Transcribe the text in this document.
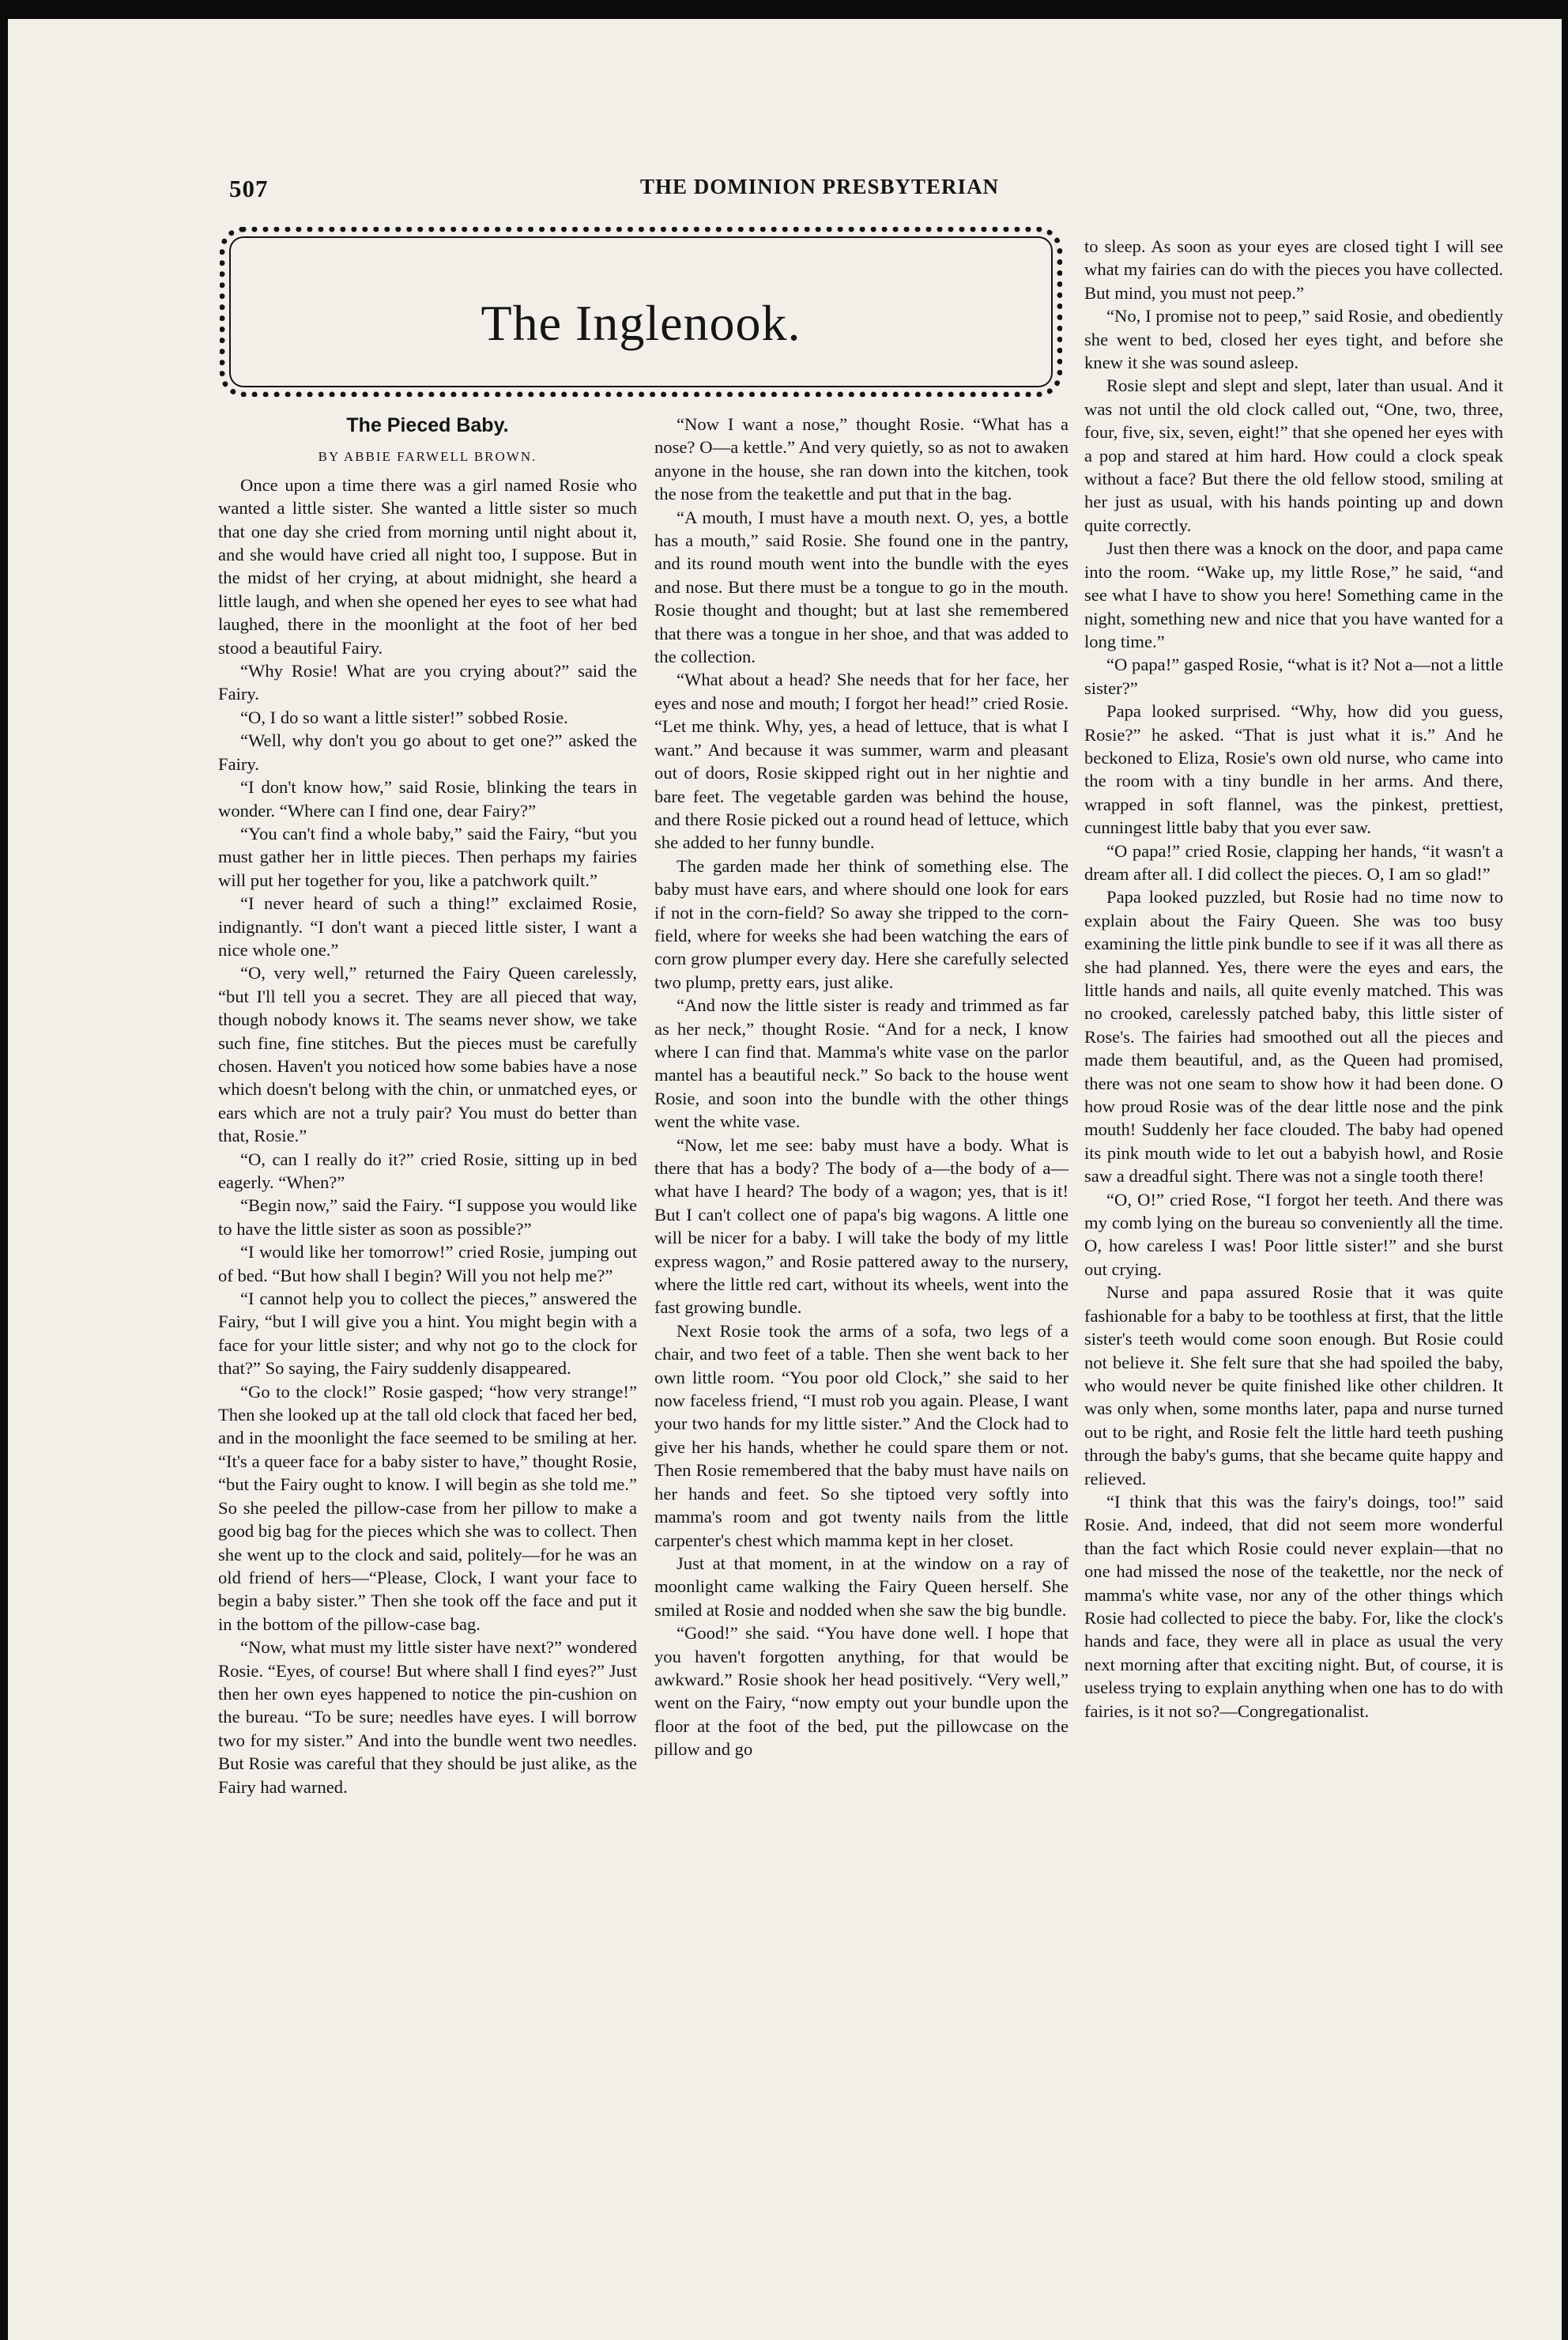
507	THE DOMINION PRESBYTERIAN
The Inglenook.
The Pieced Baby.
BY ABBIE FARWELL BROWN.

Once upon a time there was a girl named Rosie who wanted a little sister. She wanted a little sister so much that one day she cried from morning until night about it, and she would have cried all night too, I suppose. But in the midst of her crying, at about midnight, she heard a little laugh, and when she opened her eyes to see what had laughed, there in the moonlight at the foot of her bed stood a beautiful Fairy.

“Why Rosie! What are you crying about?” said the Fairy.

“O, I do so want a little sister!” sobbed Rosie.

“Well, why don't you go about to get one?” asked the Fairy.

“I don't know how,” said Rosie, blinking the tears in wonder. “Where can I find one, dear Fairy?”

“You can't find a whole baby,” said the Fairy, “but you must gather her in little pieces. Then perhaps my fairies will put her together for you, like a patchwork quilt.”

“I never heard of such a thing!” exclaimed Rosie, indignantly. “I don't want a pieced little sister, I want a nice whole one.”

“O, very well,” returned the Fairy Queen carelessly, “but I'll tell you a secret. They are all pieced that way, though nobody knows it. The seams never show, we take such fine, fine stitches. But the pieces must be carefully chosen. Haven't you noticed how some babies have a nose which doesn't belong with the chin, or unmatched eyes, or ears which are not a truly pair? You must do better than that, Rosie.”

“O, can I really do it?” cried Rosie, sitting up in bed eagerly. “When?”

“Begin now,” said the Fairy. “I suppose you would like to have the little sister as soon as possible?”

“I would like her tomorrow!” cried Rosie, jumping out of bed. “But how shall I begin? Will you not help me?”

“I cannot help you to collect the pieces,” answered the Fairy, “but I will give you a hint. You might begin with a face for your little sister; and why not go to the clock for that?” So saying, the Fairy suddenly disappeared.

“Go to the clock!” Rosie gasped; “how very strange!” Then she looked up at the tall old clock that faced her bed, and in the moonlight the face seemed to be smiling at her. “It's a queer face for a baby sister to have,” thought Rosie, “but the Fairy ought to know. I will begin as she told me.” So she peeled the pillow-case from her pillow to make a good big bag for the pieces which she was to collect. Then she went up to the clock and said, politely—for he was an old friend of hers—“Please, Clock, I want your face to begin a baby sister.” Then she took off the face and put it in the bottom of the pillow-case bag.

“Now, what must my little sister have next?” wondered Rosie. “Eyes, of course! But where shall I find eyes?” Just then her own eyes happened to notice the pin-cushion on the bureau. “To be sure; needles have eyes. I will borrow two for my sister.” And into the bundle went two needles. But Rosie was careful that they should be just alike, as the Fairy had warned.

“Now I want a nose,” thought Rosie. “What has a nose? O—a kettle.” And very quietly, so as not to awaken anyone in the house, she ran down into the kitchen, took the nose from the teakettle and put that in the bag.

“A mouth, I must have a mouth next. O, yes, a bottle has a mouth,” said Rosie. She found one in the pantry, and its round mouth went into the bundle with the eyes and nose. But there must be a tongue to go in the mouth. Rosie thought and thought; but at last she remembered that there was a tongue in her shoe, and that was added to the collection.

“What about a head? She needs that for her face, her eyes and nose and mouth; I forgot her head!” cried Rosie. “Let me think. Why, yes, a head of lettuce, that is what I want.” And because it was summer, warm and pleasant out of doors, Rosie skipped right out in her nightie and bare feet. The vegetable garden was behind the house, and there Rosie picked out a round head of lettuce, which she added to her funny bundle.

The garden made her think of something else. The baby must have ears, and where should one look for ears if not in the corn-field? So away she tripped to the corn-field, where for weeks she had been watching the ears of corn grow plumper every day. Here she carefully selected two plump, pretty ears, just alike.

“And now the little sister is ready and trimmed as far as her neck,” thought Rosie. “And for a neck, I know where I can find that. Mamma's white vase on the parlor mantel has a beautiful neck.” So back to the house went Rosie, and soon into the bundle with the other things went the white vase.

“Now, let me see: baby must have a body. What is there that has a body? The body of a—the body of a—what have I heard? The body of a wagon; yes, that is it! But I can't collect one of papa's big wagons. A little one will be nicer for a baby. I will take the body of my little express wagon,” and Rosie pattered away to the nursery, where the little red cart, without its wheels, went into the fast growing bundle.

Next Rosie took the arms of a sofa, two legs of a chair, and two feet of a table. Then she went back to her own little room. “You poor old Clock,” she said to her now faceless friend, “I must rob you again. Please, I want your two hands for my little sister.” And the Clock had to give her his hands, whether he could spare them or not. Then Rosie remembered that the baby must have nails on her hands and feet. So she tiptoed very softly into mamma's room and got twenty nails from the little carpenter's chest which mamma kept in her closet.

Just at that moment, in at the window on a ray of moonlight came walking the Fairy Queen herself. She smiled at Rosie and nodded when she saw the big bundle.

“Good!” she said. “You have done well. I hope that you haven't forgotten anything, for that would be awkward.” Rosie shook her head positively. “Very well,” went on the Fairy, “now empty out your bundle upon the floor at the foot of the bed, put the pillowcase on the pillow and go

to sleep. As soon as your eyes are closed tight I will see what my fairies can do with the pieces you have collected. But mind, you must not peep.”

“No, I promise not to peep,” said Rosie, and obediently she went to bed, closed her eyes tight, and before she knew it she was sound asleep.

Rosie slept and slept and slept, later than usual. And it was not until the old clock called out, “One, two, three, four, five, six, seven, eight!” that she opened her eyes with a pop and stared at him hard. How could a clock speak without a face? But there the old fellow stood, smiling at her just as usual, with his hands pointing up and down quite correctly.

Just then there was a knock on the door, and papa came into the room. “Wake up, my little Rose,” he said, “and see what I have to show you here! Something came in the night, something new and nice that you have wanted for a long time.”

“O papa!” gasped Rosie, “what is it? Not a—not a little sister?”

Papa looked surprised. “Why, how did you guess, Rosie?” he asked. “That is just what it is.” And he beckoned to Eliza, Rosie's own old nurse, who came into the room with a tiny bundle in her arms. And there, wrapped in soft flannel, was the pinkest, prettiest, cunningest little baby that you ever saw.

“O papa!” cried Rosie, clapping her hands, “it wasn't a dream after all. I did collect the pieces. O, I am so glad!”

Papa looked puzzled, but Rosie had no time now to explain about the Fairy Queen. She was too busy examining the little pink bundle to see if it was all there as she had planned. Yes, there were the eyes and ears, the little hands and nails, all quite evenly matched. This was no crooked, carelessly patched baby, this little sister of Rose's. The fairies had smoothed out all the pieces and made them beautiful, and, as the Queen had promised, there was not one seam to show how it had been done. O how proud Rosie was of the dear little nose and the pink mouth! Suddenly her face clouded. The baby had opened its pink mouth wide to let out a babyish howl, and Rosie saw a dreadful sight. There was not a single tooth there!

“O, O!” cried Rose, “I forgot her teeth. And there was my comb lying on the bureau so conveniently all the time. O, how careless I was! Poor little sister!” and she burst out crying.

Nurse and papa assured Rosie that it was quite fashionable for a baby to be toothless at first, that the little sister's teeth would come soon enough. But Rosie could not believe it. She felt sure that she had spoiled the baby, who would never be quite finished like other children. It was only when, some months later, papa and nurse turned out to be right, and Rosie felt the little hard teeth pushing through the baby's gums, that she became quite happy and relieved.

“I think that this was the fairy's doings, too!” said Rosie. And, indeed, that did not seem more wonderful than the fact which Rosie could never explain—that no one had missed the nose of the teakettle, nor the neck of mamma's white vase, nor any of the other things which Rosie had collected to piece the baby. For, like the clock's hands and face, they were all in place as usual the very next morning after that exciting night. But, of course, it is useless trying to explain anything when one has to do with fairies, is it not so?—Congregationalist.
